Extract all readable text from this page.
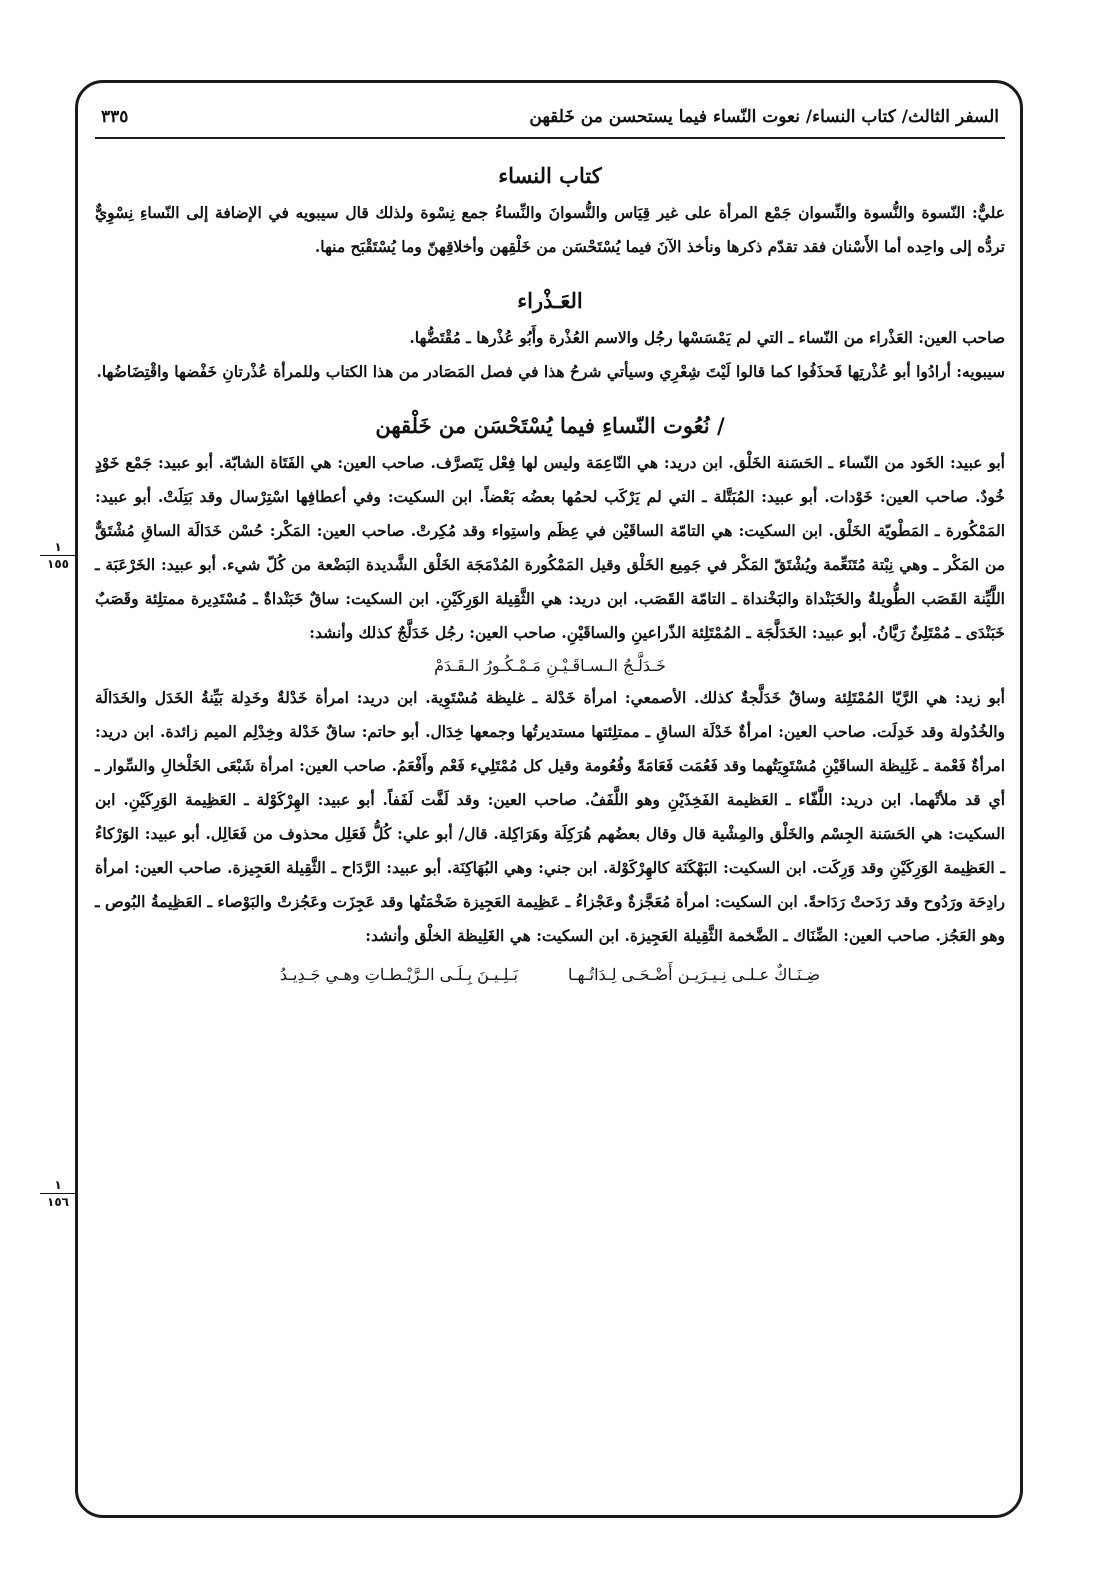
١
١٥٥
١
١٥٦
السفر الثالث/ كتاب النساء/ نعوت النّساء فيما يستحسن من خَلقهن
٣٣٥
كتاب النساء

عليٌّ: النّسوة والنُّسوة والنِّسوان جَمْع المرأة على غير قِيَاس والنُّسوانَ والنِّساءُ جمع نِسْوة ولذلك قال سيبويه في الإضافة إلى النّساءِ نِسْوِيٌّ تردُّه إلى واحِده أما الأَسْنان فقد تقدّم ذكرها ونأخذ الآنَ فيما يُسْتَحْسَن من خَلْقِهن وأخلاقِهنّ وما يُسْتَقْبَح منها.

العَـذْراء

صاحب العين: العَذْراء من النّساء ـ التي لم يَمْسَسْها رجُل والاسم العُذْرة وأَبُو عُذْرها ـ مُقْتَضُّها.

سيبويه: أرادُوا أبو عُذْرتِها فَحذَفُوا كما قالوا لَيْتَ شِعْرِي وسيأتي شرحُ هذا في فصل المَصَادر من هذا الكتاب وللمرأة عُذْرتانِ خَفْضها واقْتِضَاضُها.

/ نُعُوت النّساءِ فيما يُسْتَحْسَن من خَلْقهن

أبو عبيد: الخَود من النّساء ـ الحَسَنة الخَلْق. ابن دريد: هي النّاعِمَة وليس لها فِعْل يَتَصرَّف. صاحب العين: هي الفَتَاة الشابّة. أبو عبيد: جَمْع خَوْدٍ خُودٌ. صاحب العين: خَوْدات. أبو عبيد: المُبَتَّلة ـ التي لم يَرْكَب لحمُها بعضُه بَعْضاً. ابن السكيت: وفي أعطافِها اسْتِرْسال وقد بَتِلَتْ. أبو عبيد: المَمْكُورة ـ المَطْويّة الخَلْق. ابن السكيت: هي التامّة الساقَيْن في عِظَم واستِواء وقد مُكِرتْ. صاحب العين: المَكْر: حُسْن خَدَالَة الساقِ مُشْتَقٌّ من المَكْر ـ وهي نِبْتة مُتَنَعِّمة ويُشْتَقّ المَكْر في جَمِيع الخَلْق وقيل المَمْكُورة المُدْمَجَة الخَلْق الشَّديدة البَضْعة من كُلّ شيء. أبو عبيد: الخَرْعَبَة ـ اللَّيِّنة القَصَب الطُّويلةُ والخَبَنْداة والبَخْنداة ـ التامّة القَصَب. ابن دريد: هي الثَّقِيلة الوَرِكَيْنِ. ابن السكيت: ساقٌ خَبَنْداةٌ ـ مُسْتَدِيرة ممتلِئة وقَصَبٌ خَبَنْدَى ـ مُمْتَلِئٌ رَيَّانُ. أبو عبيد: الخَدَلَّجَة ـ المُمْتَلِئة الذّراعينِ والساقَيْنِ. صاحب العين: رجُل خَدَلَّجٌ كذلك وأنشد:

خَـدَلَّـجُ الـسـاقَـيْـنِ مَـمْـكُـورُ الـقَـدَمْ

أبو زيد: هي الرَّيّا المُمْتَلِئة وساقٌ خَدَلَّجةٌ كذلك. الأصمعي: امرأة خَدْلة ـ غليظة مُسْتَوِية. ابن دريد: امرأة خَدْلةٌ وخَدِلة بَيِّنةُ الخَدَل والخَدَالَة والخُدُولة وقد خَدِلَت. صاحب العين: امرأةٌ خَدْلَة الساقِ ـ ممتلِئتها مستديرتُها وجمعها خِدَال. أبو حاتم: ساقٌ خَدْلة وخِدْلِم الميم زائدة. ابن دريد: امرأةٌ فَعْمة ـ غَلِيظة الساقَيْنِ مُسْتَوِيَتُهما وقد فَعُمَت فَعَامَةً وفُعُومة وقيل كل مُمْتَلِيء فَعْم وأَفْعَمُ. صاحب العين: امرأة شَبْعَى الخَلْخالِ والسِّوار ـ أي قد ملأتْهما. ابن دريد: اللَّفّاء ـ العَظيمة الفَخِذَيْنِ وهو اللَّفَفُ. صاحب العين: وقد لَفَّت لَفَفاً. أبو عبيد: الهِرْكَوْلة ـ العَظِيمة الوَرِكَيْنِ. ابن السكيت: هي الحَسَنة الجِسْم والخَلْق والمِشْية قال وقال بعضُهم هُرَكِلَة وهَرَاكِلة. قال/ أبو علي: كُلُّ فَعَلِل محذوف من فَعَالِل. أبو عبيد: الوَرْكاءُ ـ العَظِيمة الوَرِكَيْنِ وقد وَرِكَت. ابن السكيت: البَهْكَنَة كالهِرْكَوْلة. ابن جني: وهي البُهَاكِنَة. أبو عبيد: الرَّدَاح ـ الثَّقِيلة العَجِيزة. صاحب العين: امرأة رادِحَة ورَدُوح وقد رَدَحتْ رَدَاحةً. ابن السكيت: امرأة مُعَجَّزةٌ وعَجْزاءُ ـ عَظِيمة العَجِيزة ضَخْمَتُها وقد عَجِزَت وعَجُزتْ والبَوْصاء ـ العَظِيمةُ البُوص ـ وهو العَجُز. صاحب العين: الضِّنَاك ـ الضَّخمة الثَّقِيلة العَجِيزة. ابن السكيت: هي الغَلِيظة الخلْق وأنشد:

ضِـنَـاكٌ عـلـى نِـيـرَيـن أَضْـحَـى لِـدَاتُـهـا
بَـلِـيـنَ بِـلَـى الـرَّيْـطـاتِ وهـي جَـدِيـدُ
